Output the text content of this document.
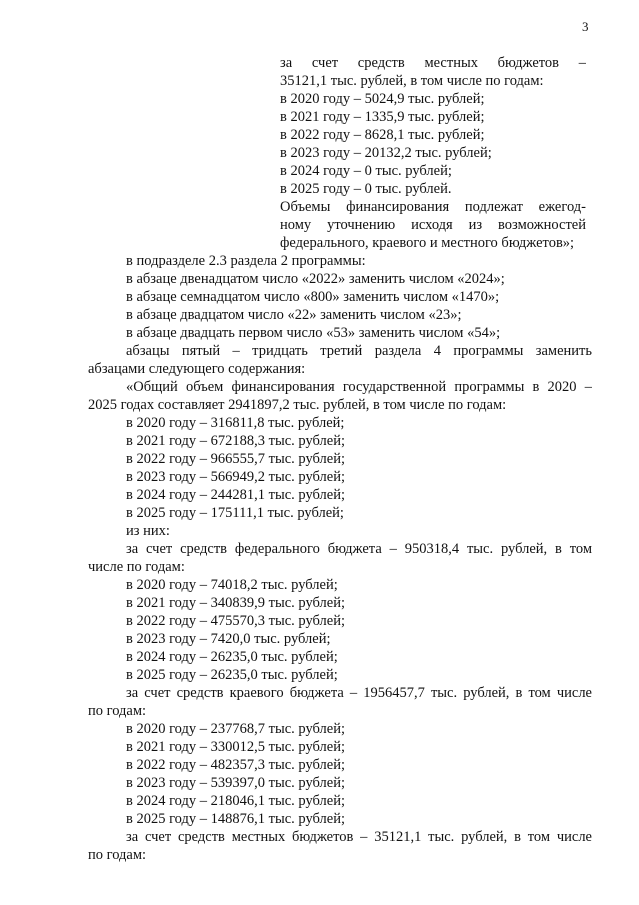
3
за счет средств местных бюджетов –
35121,1 тыс. рублей, в том числе по годам:
в 2020 году – 5024,9 тыс. рублей;
в 2021 году – 1335,9 тыс. рублей;
в 2022 году – 8628,1 тыс. рублей;
в 2023 году – 20132,2 тыс. рублей;
в 2024 году – 0 тыс. рублей;
в 2025 году – 0 тыс. рублей.
Объемы финансирования подлежат ежегод-
ному уточнению исходя из возможностей
федерального, краевого и местного бюджетов»;
в подразделе 2.3 раздела 2 программы:
в абзаце двенадцатом число «2022» заменить числом «2024»;
в абзаце семнадцатом число «800» заменить числом «1470»;
в абзаце двадцатом число «22» заменить числом «23»;
в абзаце двадцать первом число «53» заменить числом «54»;
абзацы пятый – тридцать третий раздела 4 программы заменить
абзацами следующего содержания:
«Общий объем финансирования государственной программы в 2020 –
2025 годах составляет 2941897,2 тыс. рублей, в том числе по годам:
в 2020 году – 316811,8 тыс. рублей;
в 2021 году – 672188,3 тыс. рублей;
в 2022 году – 966555,7 тыс. рублей;
в 2023 году – 566949,2 тыс. рублей;
в 2024 году – 244281,1 тыс. рублей;
в 2025 году – 175111,1 тыс. рублей;
из них:
за счет средств федерального бюджета – 950318,4 тыс. рублей, в том
числе по годам:
в 2020 году – 74018,2 тыс. рублей;
в 2021 году – 340839,9 тыс. рублей;
в 2022 году – 475570,3 тыс. рублей;
в 2023 году – 7420,0 тыс. рублей;
в 2024 году – 26235,0 тыс. рублей;
в 2025 году – 26235,0 тыс. рублей;
за счет средств краевого бюджета – 1956457,7 тыс. рублей, в том числе
по годам:
в 2020 году – 237768,7 тыс. рублей;
в 2021 году – 330012,5 тыс. рублей;
в 2022 году – 482357,3 тыс. рублей;
в 2023 году – 539397,0 тыс. рублей;
в 2024 году – 218046,1 тыс. рублей;
в 2025 году – 148876,1 тыс. рублей;
за счет средств местных бюджетов – 35121,1 тыс. рублей, в том числе
по годам:
